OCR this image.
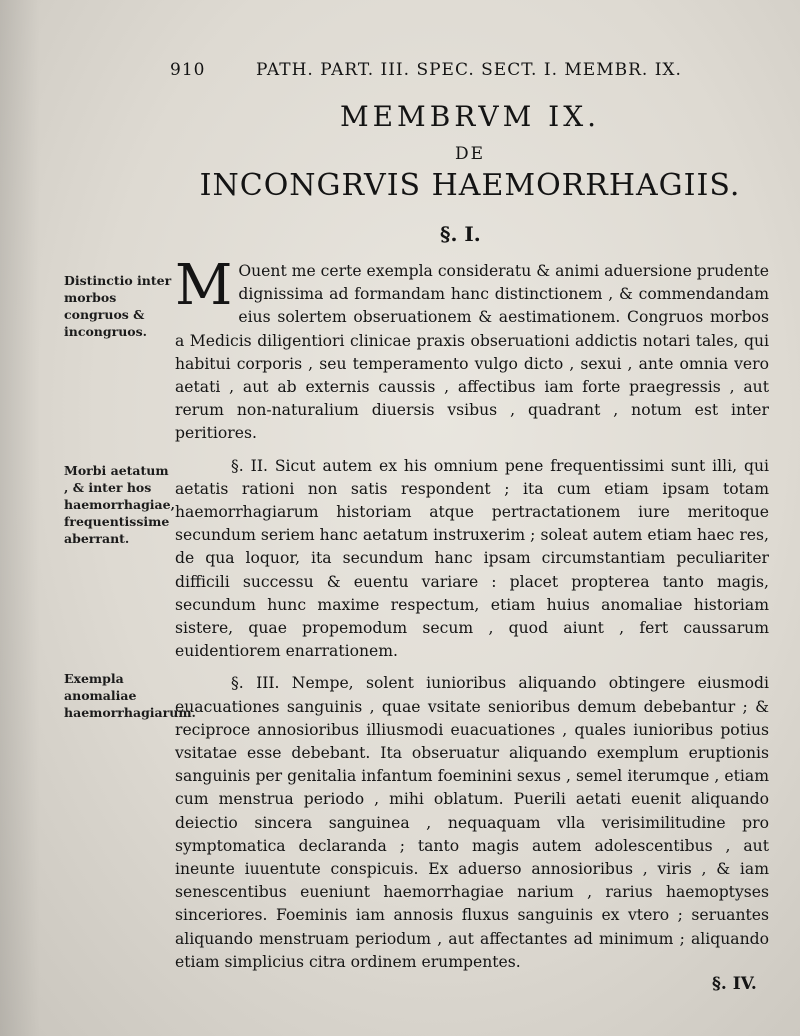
910	PATH. PART. III. SPEC. SECT. I. MEMBR. IX.
MEMBRVM IX.
DE
INCONGRVIS HAEMORRHAGIIS.
§. I.
Distinctio inter morbos congruos & incongruos.
Morbi aetatum , & inter hos haemorrhagiae, frequentissime aberrant.
Exempla anomaliae haemorrhagiarum.

M Ouent me certe exempla consideratu & animi aduersione prudente dignissima ad formandam hanc distinctionem , & commendandam eius solertem obseruationem & aestimationem. Congruos morbos a Medicis diligentiori clinicae praxis obseruationi addictis notari tales, qui habitui corporis , seu temperamento vulgo dicto , sexui , ante omnia vero aetati , aut ab externis caussis , affectibus iam forte praegressis , aut rerum non-naturalium diuersis vsibus , quadrant , notum est inter peritiores.

§. II. Sicut autem ex his omnium pene frequentissimi sunt illi, qui aetatis rationi non satis respondent ; ita cum etiam ipsam totam haemorrhagiarum historiam atque pertractationem iure meritoque secundum seriem hanc aetatum instruxerim ; soleat autem etiam haec res, de qua loquor, ita secundum hanc ipsam circumstantiam peculiariter difficili successu & euentu variare : placet propterea tanto magis, secundum hunc maxime respectum, etiam huius anomaliae historiam sistere, quae propemodum secum , quod aiunt , fert caussarum euidentiorem enarrationem.

§. III. Nempe, solent iunioribus aliquando obtingere eiusmodi euacuationes sanguinis , quae vsitate senioribus demum debebantur ; & reciproce annosioribus illiusmodi euacuationes , quales iunioribus potius vsitatae esse debebant. Ita obseruatur aliquando exemplum eruptionis sanguinis per genitalia infantum foeminini sexus , semel iterumque , etiam cum menstrua periodo , mihi oblatum. Puerili aetati euenit aliquando deiectio sincera sanguinea , nequaquam vlla verisimilitudine pro symptomatica declaranda ; tanto magis autem adolescentibus , aut ineunte iuuentute conspicuis. Ex aduerso annosioribus , viris , & iam senescentibus eueniunt haemorrhagiae narium , rarius haemoptyses sinceriores. Foeminis iam annosis fluxus sanguinis ex vtero ; seruantes aliquando menstruam periodum , aut affectantes ad minimum ; aliquando etiam simplicius citra ordinem erumpentes.

§. IV.
